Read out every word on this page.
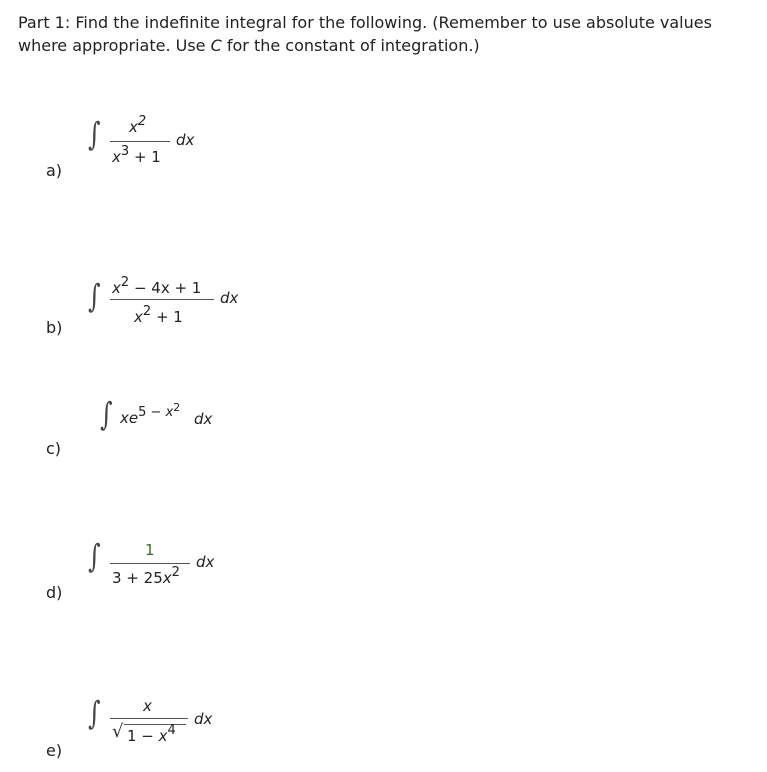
Part 1: Find the indefinite integral for the following. (Remember to use absolute values
where appropriate. Use C for the constant of integration.)
∫ x2
x3 + 1
dx
a)
∫ x2 − 4x + 1
x2 + 1
dx
b)
∫ $xe5 - x^2$
dx
c)
∫	1
3 + 25x2
dx
d)
∫	x
√ 1 − x4
dx
e)
